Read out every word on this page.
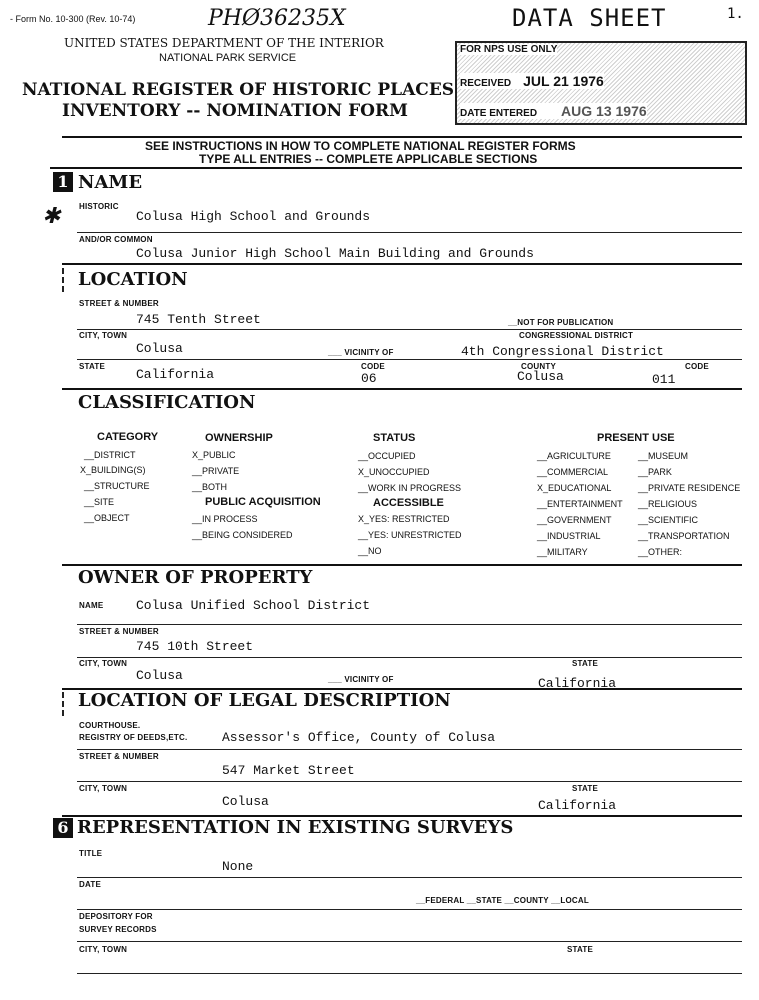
- Form No. 10-300 (Rev. 10-74)	PHØ36235X	DATA SHEET	1.
UNITED STATES DEPARTMENT OF THE INTERIOR
NATIONAL PARK SERVICE
NATIONAL REGISTER OF HISTORIC PLACES
INVENTORY -- NOMINATION FORM
FOR NPS USE ONLY
RECEIVED JUL 21 1976
DATE ENTERED AUG 13 1976
SEE INSTRUCTIONS IN HOW TO COMPLETE NATIONAL REGISTER FORMS
TYPE ALL ENTRIES -- COMPLETE APPLICABLE SECTIONS
1 NAME
✱ HISTORIC
Colusa High School and Grounds
AND/OR COMMON
Colusa Junior High School Main Building and Grounds
LOCATION
STREET & NUMBER
745 Tenth Street	__NOT FOR PUBLICATION
CITY, TOWN	CONGRESSIONAL DISTRICT
Colusa	___ VICINITY OF	4th Congressional District
STATE	CODE	COUNTY	CODE
California	06	Colusa	011
CLASSIFICATION
CATEGORY	OWNERSHIP	STATUS	PRESENT USE
__DISTRICT
X_BUILDING(S)
__STRUCTURE
__SITE
__OBJECT
X_PUBLIC
__PRIVATE
__BOTH
PUBLIC ACQUISITION
__IN PROCESS
__BEING CONSIDERED
__OCCUPIED
X_UNOCCUPIED
__WORK IN PROGRESS
ACCESSIBLE
X_YES: RESTRICTED
__YES: UNRESTRICTED
__NO
__AGRICULTURE
__COMMERCIAL
X_EDUCATIONAL
__ENTERTAINMENT
__GOVERNMENT
__INDUSTRIAL
__MILITARY
__MUSEUM
__PARK
__PRIVATE RESIDENCE
__RELIGIOUS
__SCIENTIFIC
__TRANSPORTATION
__OTHER:
OWNER OF PROPERTY
NAME	Colusa Unified School District
STREET & NUMBER
745 10th Street
CITY, TOWN	STATE
Colusa	___ VICINITY OF	California
LOCATION OF LEGAL DESCRIPTION
COURTHOUSE.
REGISTRY OF DEEDS,ETC.	Assessor's Office, County of Colusa
STREET & NUMBER
547 Market Street
CITY, TOWN	STATE
Colusa	California
6 REPRESENTATION IN EXISTING SURVEYS
TITLE
None
DATE
__FEDERAL __STATE __COUNTY __LOCAL
DEPOSITORY FOR
SURVEY RECORDS
CITY, TOWN	STATE
